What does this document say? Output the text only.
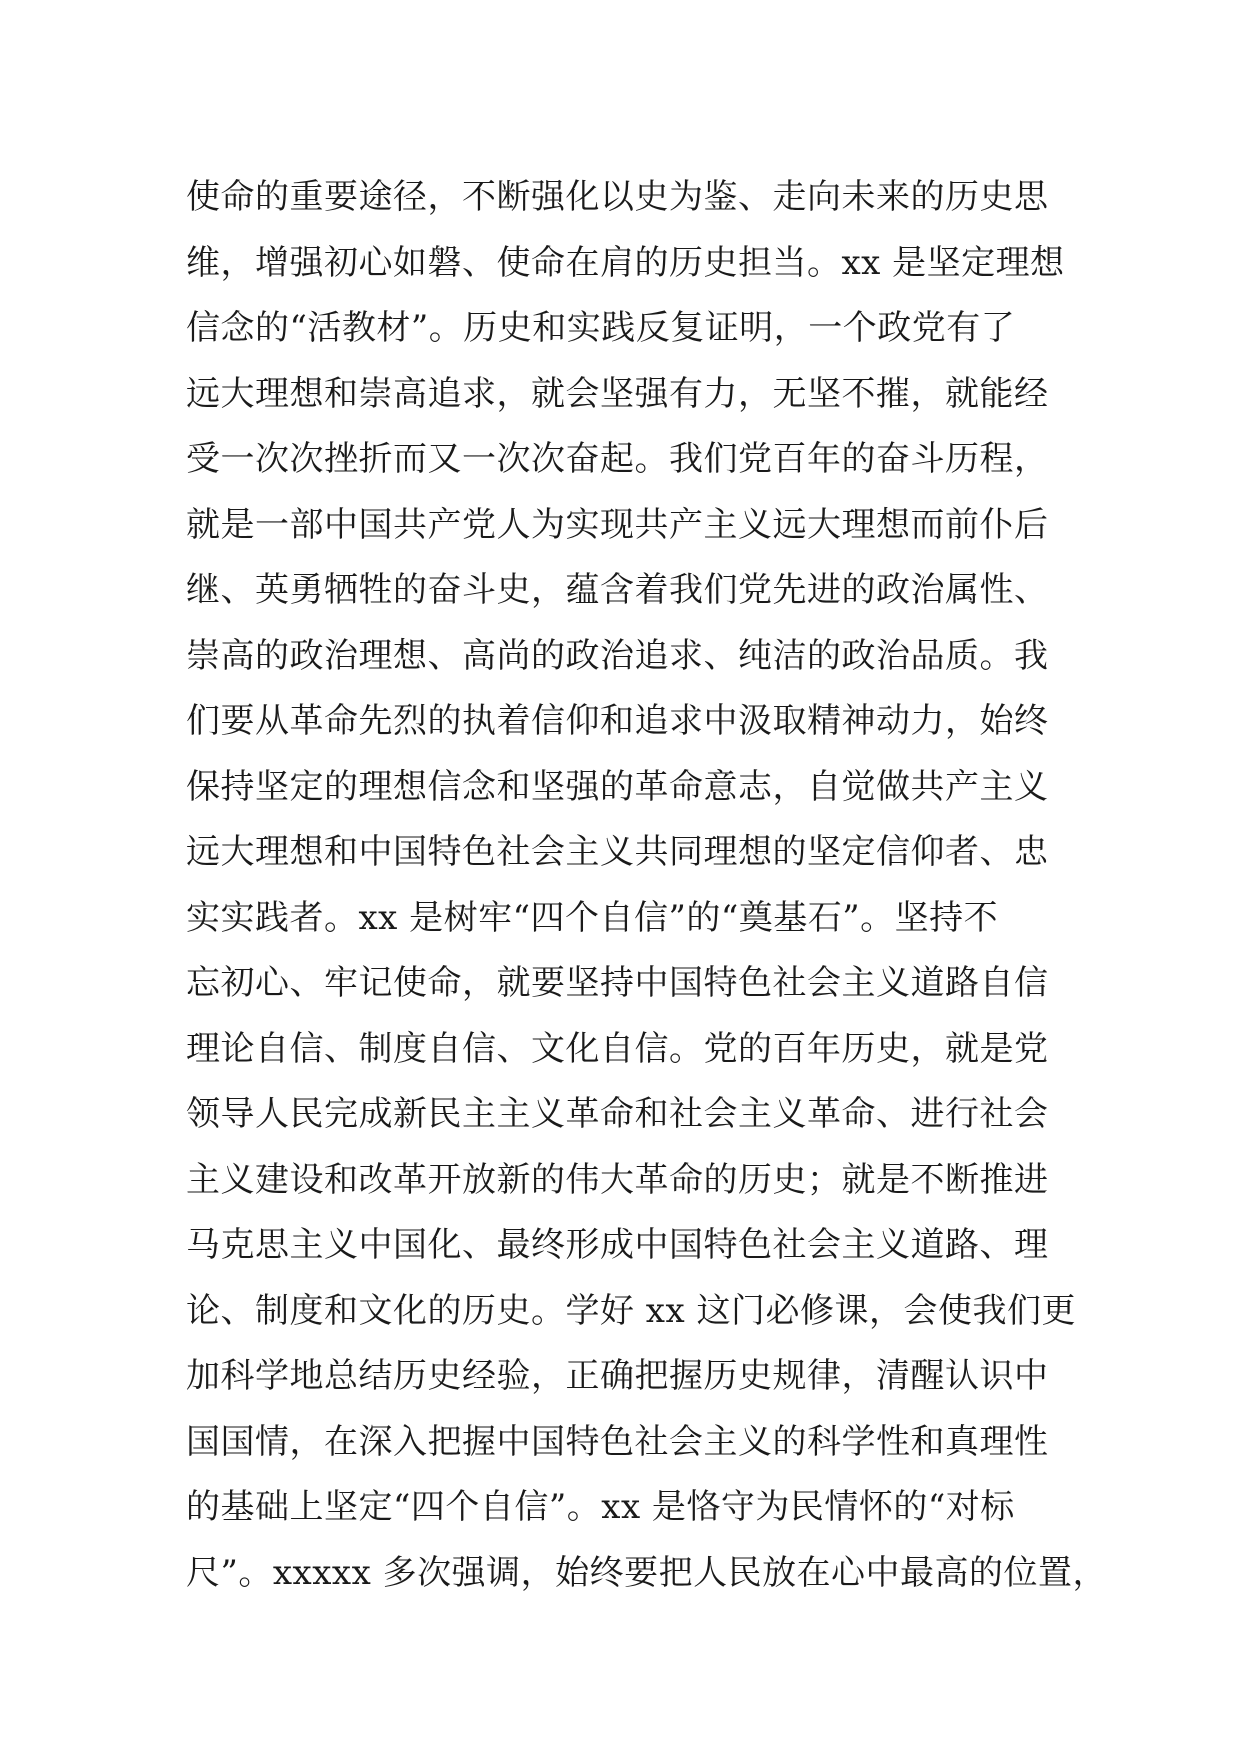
使命的重要途径，不断强化以史为鉴、走向未来的历史思
维，增强初心如磐、使命在肩的历史担当。xx 是坚定理想
信念的“活教材”。历史和实践反复证明，一个政党有了
远大理想和崇高追求，就会坚强有力，无坚不摧，就能经
受一次次挫折而又一次次奋起。我们党百年的奋斗历程，
就是一部中国共产党人为实现共产主义远大理想而前仆后
继、英勇牺牲的奋斗史，蕴含着我们党先进的政治属性、
崇高的政治理想、高尚的政治追求、纯洁的政治品质。我
们要从革命先烈的执着信仰和追求中汲取精神动力，始终
保持坚定的理想信念和坚强的革命意志，自觉做共产主义
远大理想和中国特色社会主义共同理想的坚定信仰者、忠
实实践者。xx 是树牢“四个自信”的“奠基石”。坚持不
忘初心、牢记使命，就要坚持中国特色社会主义道路自信
理论自信、制度自信、文化自信。党的百年历史，就是党
领导人民完成新民主主义革命和社会主义革命、进行社会
主义建设和改革开放新的伟大革命的历史；就是不断推进
马克思主义中国化、最终形成中国特色社会主义道路、理
论、制度和文化的历史。学好 xx 这门必修课，会使我们更
加科学地总结历史经验，正确把握历史规律，清醒认识中
国国情，在深入把握中国特色社会主义的科学性和真理性
的基础上坚定“四个自信”。xx 是恪守为民情怀的“对标
尺”。xxxxx 多次强调，始终要把人民放在心中最高的位置，
